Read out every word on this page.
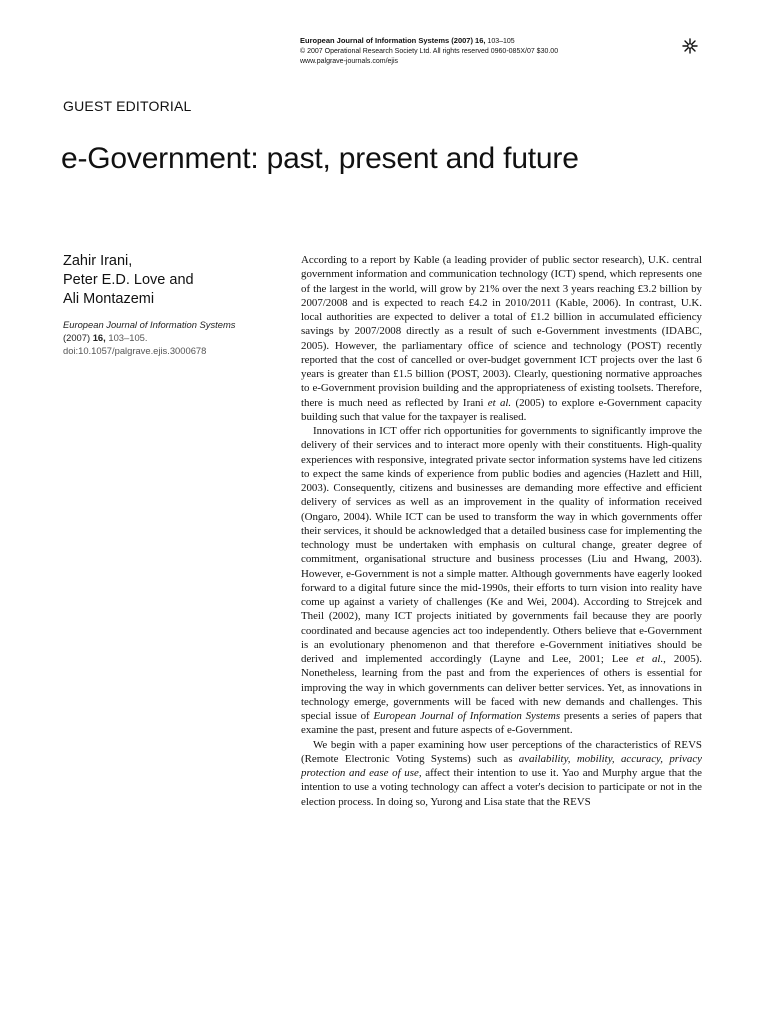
European Journal of Information Systems (2007) 16, 103–105
© 2007 Operational Research Society Ltd. All rights reserved 0960-085X/07 $30.00
www.palgrave-journals.com/ejis
GUEST EDITORIAL
e-Government: past, present and future
Zahir Irani,
Peter E.D. Love and
Ali Montazemi
European Journal of Information Systems (2007) 16, 103–105.
doi:10.1057/palgrave.ejis.3000678

According to a report by Kable (a leading provider of public sector research), U.K. central government information and communication technology (ICT) spend, which represents one of the largest in the world, will grow by 21% over the next 3 years reaching £3.2 billion by 2007/2008 and is expected to reach £4.2 in 2010/2011 (Kable, 2006). In contrast, U.K. local authorities are expected to deliver a total of £1.2 billion in accumulated efficiency savings by 2007/2008 directly as a result of such e-Government investments (IDABC, 2005). However, the parliamentary office of science and technology (POST) recently reported that the cost of cancelled or over-budget government ICT projects over the last 6 years is greater than £1.5 billion (POST, 2003). Clearly, questioning normative approaches to e-Government provision building and the appropriateness of existing toolsets. Therefore, there is much need as reflected by Irani et al. (2005) to explore e-Government capacity building such that value for the taxpayer is realised.

Innovations in ICT offer rich opportunities for governments to significantly improve the delivery of their services and to interact more openly with their constituents. High-quality experiences with responsive, integrated private sector information systems have led citizens to expect the same kinds of experience from public bodies and agencies (Hazlett and Hill, 2003). Consequently, citizens and businesses are demanding more effective and efficient delivery of services as well as an improvement in the quality of information received (Ongaro, 2004). While ICT can be used to transform the way in which governments offer their services, it should be acknowledged that a detailed business case for implementing the technology must be undertaken with emphasis on cultural change, greater degree of commitment, organisational structure and business processes (Liu and Hwang, 2003). However, e-Government is not a simple matter. Although governments have eagerly looked forward to a digital future since the mid-1990s, their efforts to turn vision into reality have come up against a variety of challenges (Ke and Wei, 2004). According to Strejcek and Theil (2002), many ICT projects initiated by governments fail because they are poorly coordinated and because agencies act too independently. Others believe that e-Government is an evolutionary phenomenon and that therefore e-Government initiatives should be derived and implemented accordingly (Layne and Lee, 2001; Lee et al., 2005). Nonetheless, learning from the past and from the experiences of others is essential for improving the way in which governments can deliver better services. Yet, as innovations in technology emerge, governments will be faced with new demands and challenges. This special issue of European Journal of Information Systems presents a series of papers that examine the past, present and future aspects of e-Government.

We begin with a paper examining how user perceptions of the characteristics of REVS (Remote Electronic Voting Systems) such as availability, mobility, accuracy, privacy protection and ease of use, affect their intention to use it. Yao and Murphy argue that the intention to use a voting technology can affect a voter's decision to participate or not in the election process. In doing so, Yurong and Lisa state that the REVS
